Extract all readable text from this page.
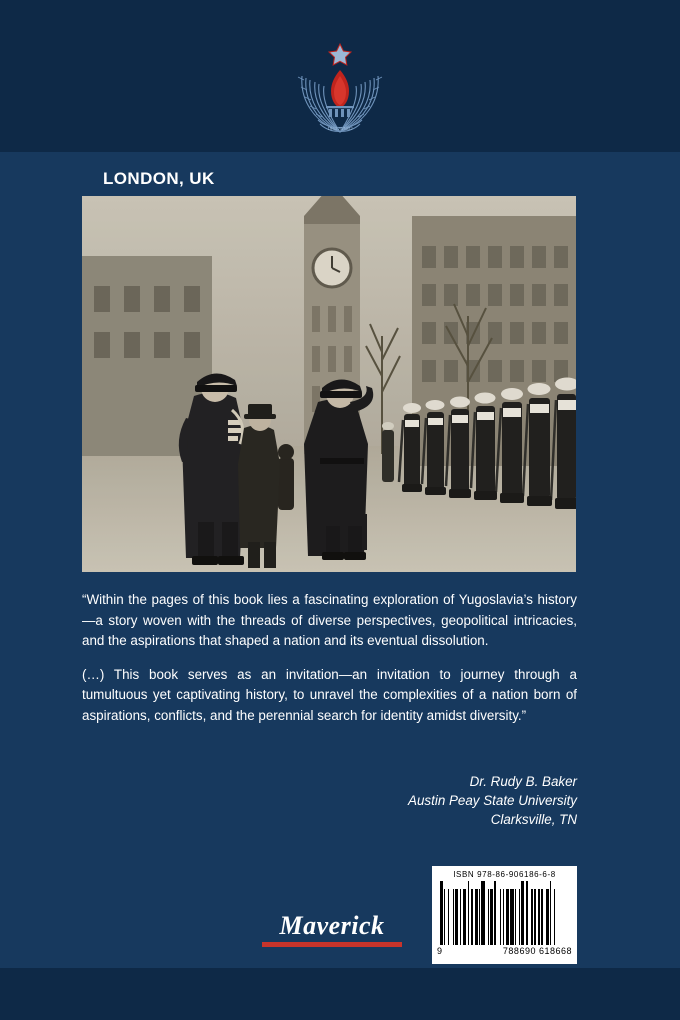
1943 AVNOJ
LONDON, UK

“Within the pages of this book lies a fascinating exploration of Yugoslavia’s history—a story woven with the threads of diverse perspectives, geopolitical intricacies, and the aspirations that shaped a nation and its eventual dissolution.

(…) This book serves as an invitation—an invitation to journey through a tumultuous yet captivating history, to unravel the complexities of a nation born of aspirations, conflicts, and the perennial search for identity amidst diversity.”

Dr. Rudy B. Baker
Austin Peay State University
Clarksville, TN
ISBN 978-86-906186-6-8
9	788690 618668
Maverick
